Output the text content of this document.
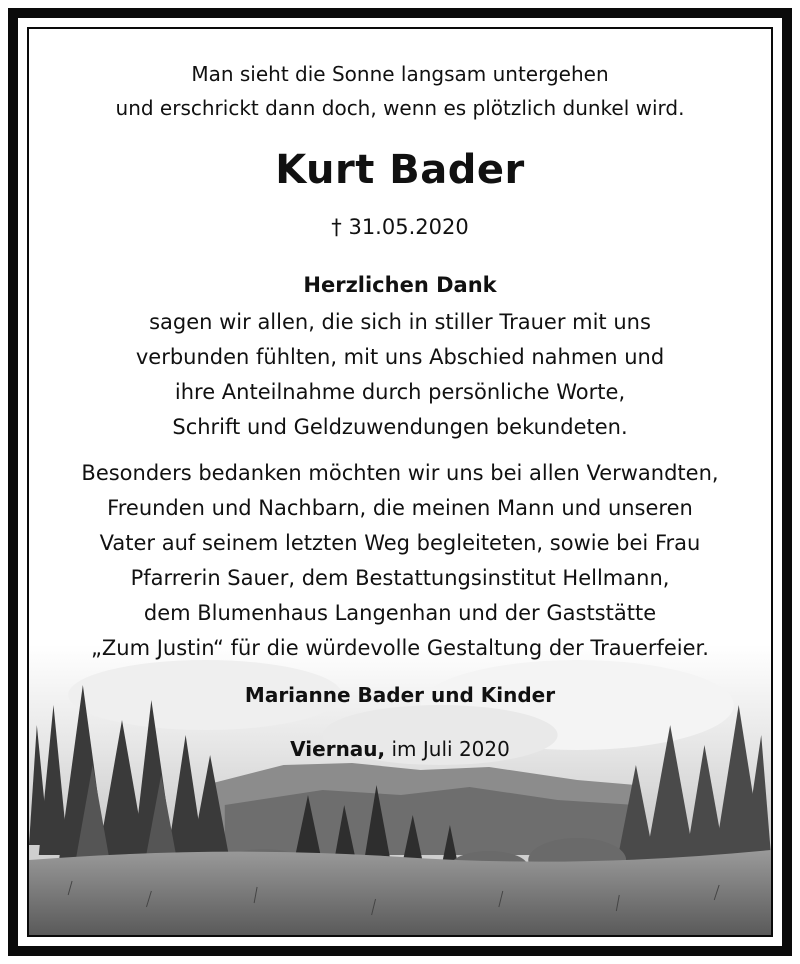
Man sieht die Sonne langsam untergehen
und erschrickt dann doch, wenn es plötzlich dunkel wird.
Kurt Bader
† 31.05.2020
Herzlichen Dank
sagen wir allen, die sich in stiller Trauer mit uns
verbunden fühlten, mit uns Abschied nahmen und
ihre Anteilnahme durch persönliche Worte,
Schrift und Geldzuwendungen bekundeten.
Besonders bedanken möchten wir uns bei allen Verwandten,
Freunden und Nachbarn, die meinen Mann und unseren
Vater auf seinem letzten Weg begleiteten, sowie bei Frau
Pfarrerin Sauer, dem Bestattungsinstitut Hellmann,
dem Blumenhaus Langenhan und der Gaststätte
„Zum Justin“ für die würdevolle Gestaltung der Trauerfeier.
Marianne Bader und Kinder
Viernau, im Juli 2020
